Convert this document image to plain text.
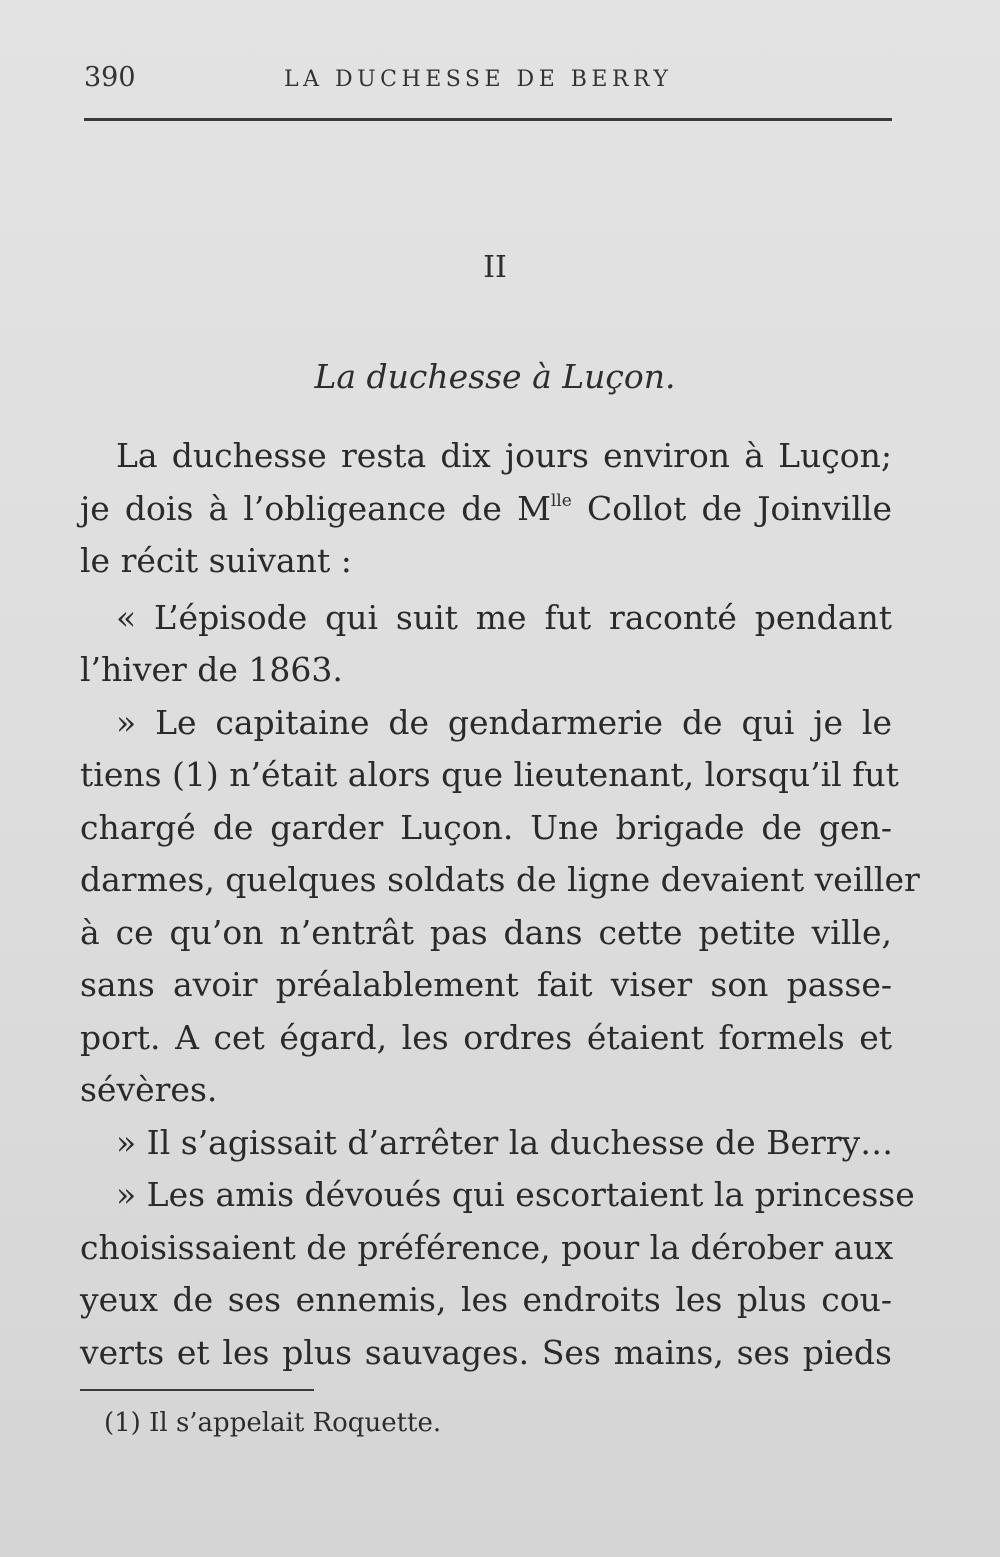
390	LA DUCHESSE DE BERRY
II
La duchesse à Luçon.
La duchesse resta dix jours environ à Luçon;
je dois à l’obligeance de $M^{lle}$ Collot de Joinville
le récit suivant :
« L’épisode qui suit me fut raconté pendant
l’hiver de 1863.
» Le capitaine de gendarmerie de qui je le
tiens (1) n’était alors que lieutenant, lorsqu’il fut
chargé de garder Luçon. Une brigade de gen-
darmes, quelques soldats de ligne devaient veiller
à ce qu’on n’entrât pas dans cette petite ville,
sans avoir préalablement fait viser son passe-
port. A cet égard, les ordres étaient formels et
sévères.
» Il s’agissait d’arrêter la duchesse de Berry…
» Les amis dévoués qui escortaient la princesse
choisissaient de préférence, pour la dérober aux
yeux de ses ennemis, les endroits les plus cou-
verts et les plus sauvages. Ses mains, ses pieds
(1) Il s’appelait Roquette.
